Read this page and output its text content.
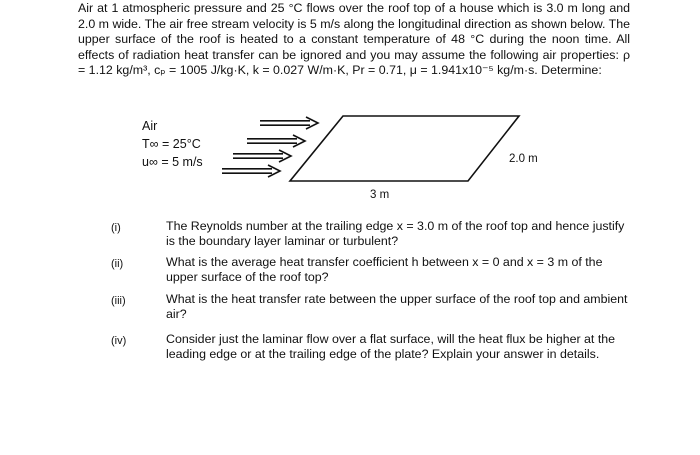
Air at 1 atmospheric pressure and 25 °C flows over the roof top of a house which is 3.0 m long and 2.0 m wide. The air free stream velocity is 5 m/s along the longitudinal direction as shown below. The upper surface of the roof is heated to a constant temperature of 48 °C during the noon time. All effects of radiation heat transfer can be ignored and you may assume the following air properties: ρ = 1.12 kg/m³, cₚ = 1005 J/kg·K, k = 0.027 W/m·K, Pr = 0.71, μ = 1.941x10⁻⁵ kg/m·s. Determine:

Air
T∞ = 25°C
u∞ = 5 m/s	2.0 m
3 m
(i)	The Reynolds number at the trailing edge x = 3.0 m of the roof top and hence justify is the boundary layer laminar or turbulent?
(ii)	What is the average heat transfer coefficient h between x = 0 and x = 3 m of the upper surface of the roof top?
(iii)	What is the heat transfer rate between the upper surface of the roof top and ambient air?
(iv)	Consider just the laminar flow over a flat surface, will the heat flux be higher at the leading edge or at the trailing edge of the plate? Explain your answer in details.
